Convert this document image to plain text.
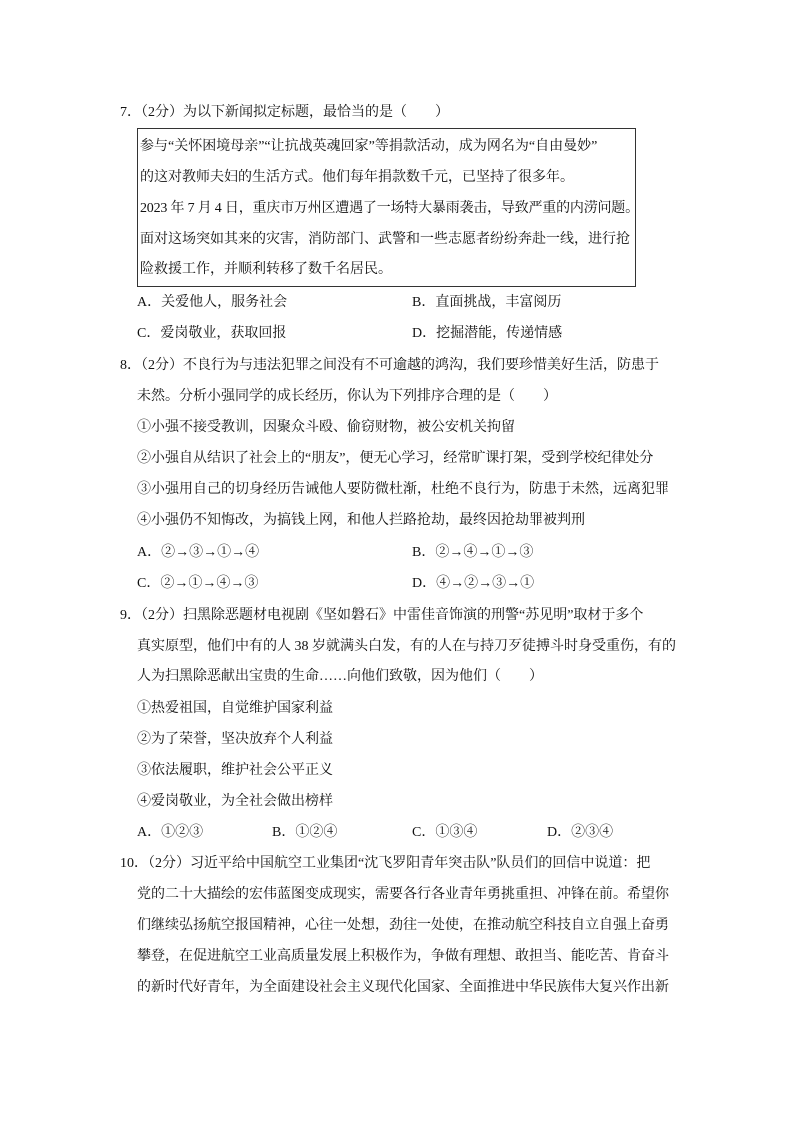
7．（2分）为以下新闻拟定标题，最恰当的是（　　）
参与“关怀困境母亲”“让抗战英魂回家”等捐款活动，成为网名为“自由曼妙”
的这对教师夫妇的生活方式。他们每年捐款数千元，已坚持了很多年。
2023 年 7 月 4 日，重庆市万州区遭遇了一场特大暴雨袭击，导致严重的内涝问题。
面对这场突如其来的灾害，消防部门、武警和一些志愿者纷纷奔赴一线，进行抢
险救援工作，并顺利转移了数千名居民。
A．关爱他人，服务社会	B．直面挑战，丰富阅历
C．爱岗敬业，获取回报	D．挖掘潜能，传递情感
8．（2分）不良行为与违法犯罪之间没有不可逾越的鸿沟，我们要珍惜美好生活，防患于
未然。分析小强同学的成长经历，你认为下列排序合理的是（　　）
①小强不接受教训，因聚众斗殴、偷窃财物，被公安机关拘留
②小强自从结识了社会上的“朋友”，便无心学习，经常旷课打架，受到学校纪律处分
③小强用自己的切身经历告诫他人要防微杜渐，杜绝不良行为，防患于未然，远离犯罪
④小强仍不知悔改，为搞钱上网，和他人拦路抢劫，最终因抢劫罪被判刑
A．②→③→①→④	B．②→④→①→③
C．②→①→④→③	D．④→②→③→①
9．（2分）扫黑除恶题材电视剧《坚如磐石》中雷佳音饰演的刑警“苏见明”取材于多个
真实原型，他们中有的人 38 岁就满头白发，有的人在与持刀歹徒搏斗时身受重伤，有的
人为扫黑除恶献出宝贵的生命……向他们致敬，因为他们（　　）
①热爱祖国，自觉维护国家利益
②为了荣誉，坚决放弃个人利益
③依法履职，维护社会公平正义
④爱岗敬业，为全社会做出榜样
A．①②③	B．①②④	C．①③④	D．②③④
10．（2分）习近平给中国航空工业集团“沈飞罗阳青年突击队”队员们的回信中说道：把
党的二十大描绘的宏伟蓝图变成现实，需要各行各业青年勇挑重担、冲锋在前。希望你
们继续弘扬航空报国精神，心往一处想，劲往一处使，在推动航空科技自立自强上奋勇
攀登，在促进航空工业高质量发展上积极作为，争做有理想、敢担当、能吃苦、肯奋斗
的新时代好青年，为全面建设社会主义现代化国家、全面推进中华民族伟大复兴作出新
